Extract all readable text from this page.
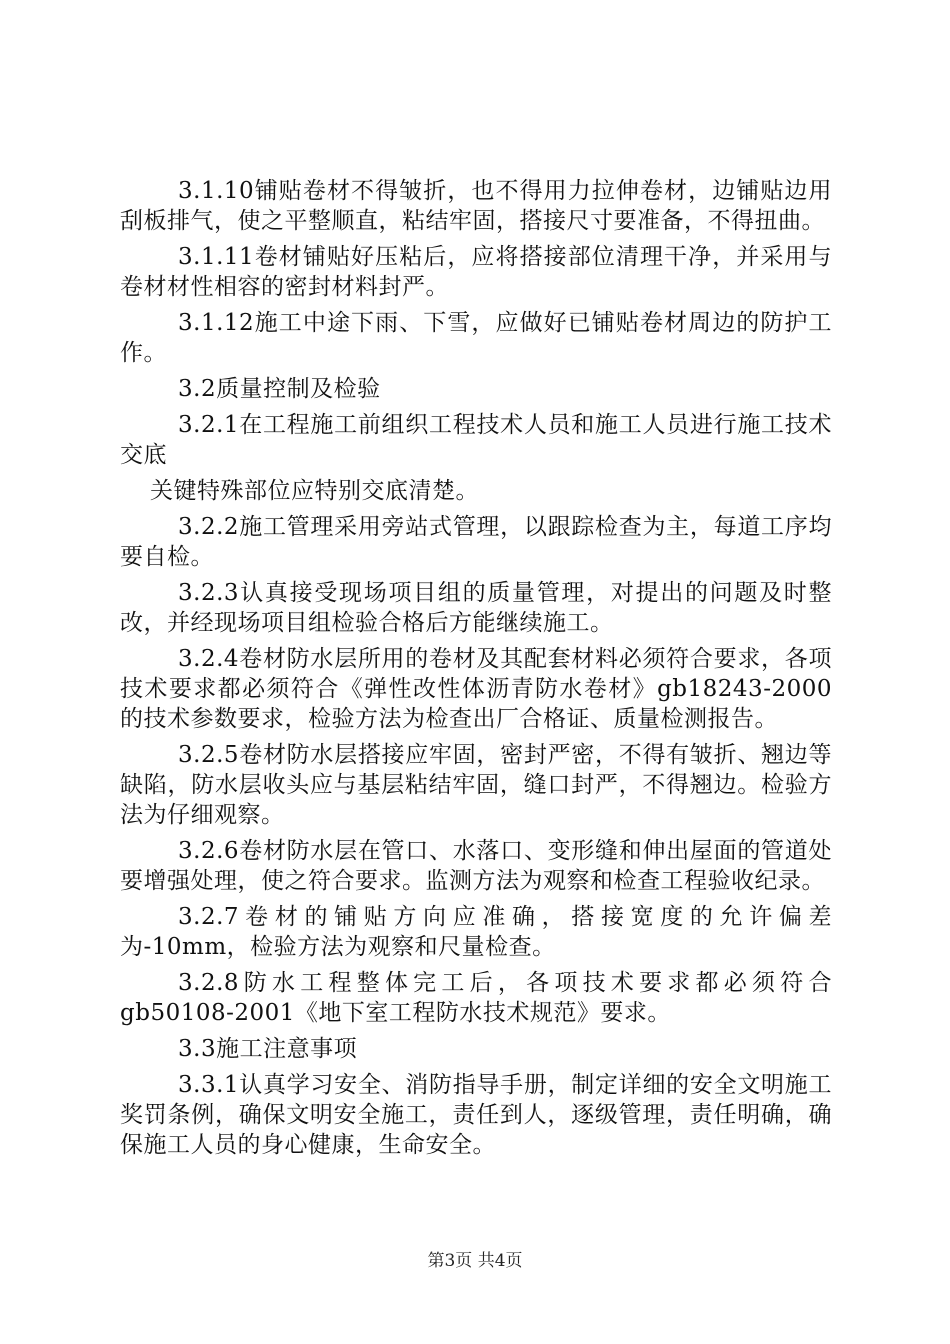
3.1.10铺贴卷材不得皱折，也不得用力拉伸卷材，边铺贴边用刮板排气，使之平整顺直，粘结牢固，搭接尺寸要准备，不得扭曲。

3.1.11卷材铺贴好压粘后，应将搭接部位清理干净，并采用与卷材材性相容的密封材料封严。

3.1.12施工中途下雨、下雪，应做好已铺贴卷材周边的防护工作。

3.2质量控制及检验

3.2.1在工程施工前组织工程技术人员和施工人员进行施工技术交底

关键特殊部位应特别交底清楚。

3.2.2施工管理采用旁站式管理，以跟踪检查为主，每道工序均要自检。

3.2.3认真接受现场项目组的质量管理，对提出的问题及时整改，并经现场项目组检验合格后方能继续施工。

3.2.4卷材防水层所用的卷材及其配套材料必须符合要求，各项技术要求都必须符合《弹性改性体沥青防水卷材》gb18243-2000的技术参数要求，检验方法为检查出厂合格证、质量检测报告。

3.2.5卷材防水层搭接应牢固，密封严密，不得有皱折、翘边等缺陷，防水层收头应与基层粘结牢固，缝口封严，不得翘边。检验方法为仔细观察。

3.2.6卷材防水层在管口、水落口、变形缝和伸出屋面的管道处要增强处理，使之符合要求。监测方法为观察和检查工程验收纪录。

3.2.7卷材的铺贴方向应准确，搭接宽度的允许偏差为-10mm，检验方法为观察和尺量检查。

3.2.8防水工程整体完工后，各项技术要求都必须符合gb50108-2001《地下室工程防水技术规范》要求。

3.3施工注意事项

3.3.1认真学习安全、消防指导手册，制定详细的安全文明施工奖罚条例，确保文明安全施工，责任到人，逐级管理，责任明确，确保施工人员的身心健康，生命安全。

第3页 共4页
